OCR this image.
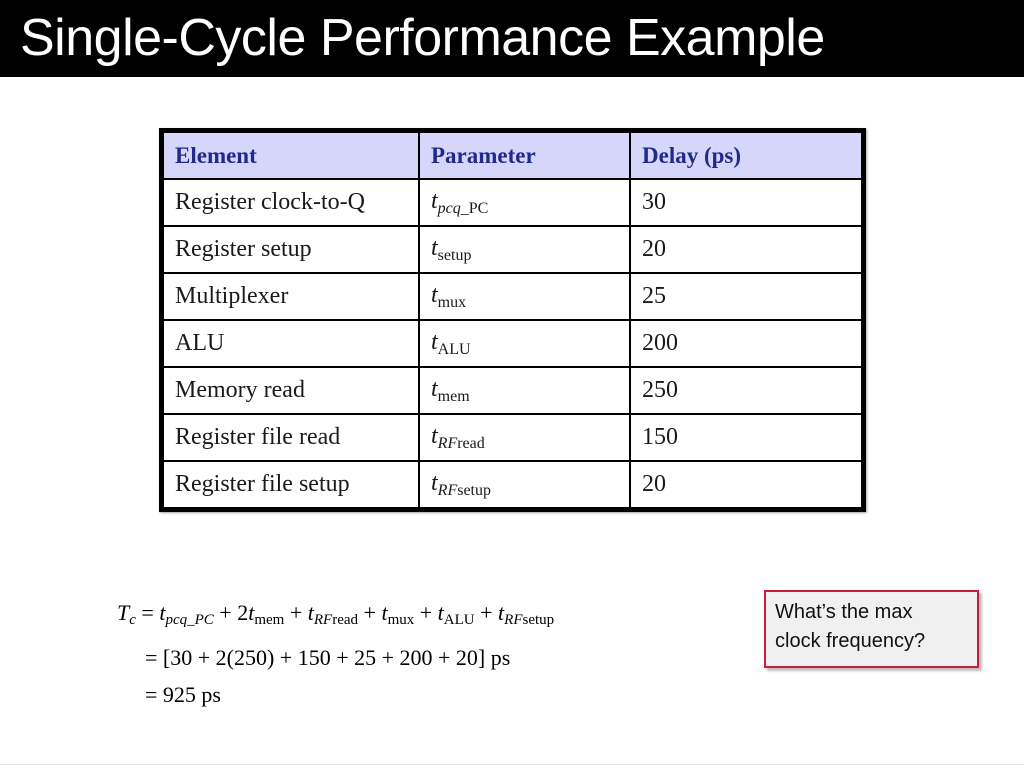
Single-Cycle Performance Example
Element	Parameter	Delay (ps)
Register clock-to-Q	$t_{pcq\_PC}$	30
Register setup	$t_{setup}$	20
Multiplexer	$t_{mux}$	25
ALU	$t_{ALU}$	200
Memory read	$t_{mem}$	250
Register file read	$t_{RFread}$	150
Register file setup	$t_{RFsetup}$	20
Tc = tpcq_PC + 2tmem + tRFread + tmux + tALU + tRFsetup
= [30 + 2(250) + 150 + 25 + 200 + 20] ps
= 925 ps
What’s the max
clock frequency?
